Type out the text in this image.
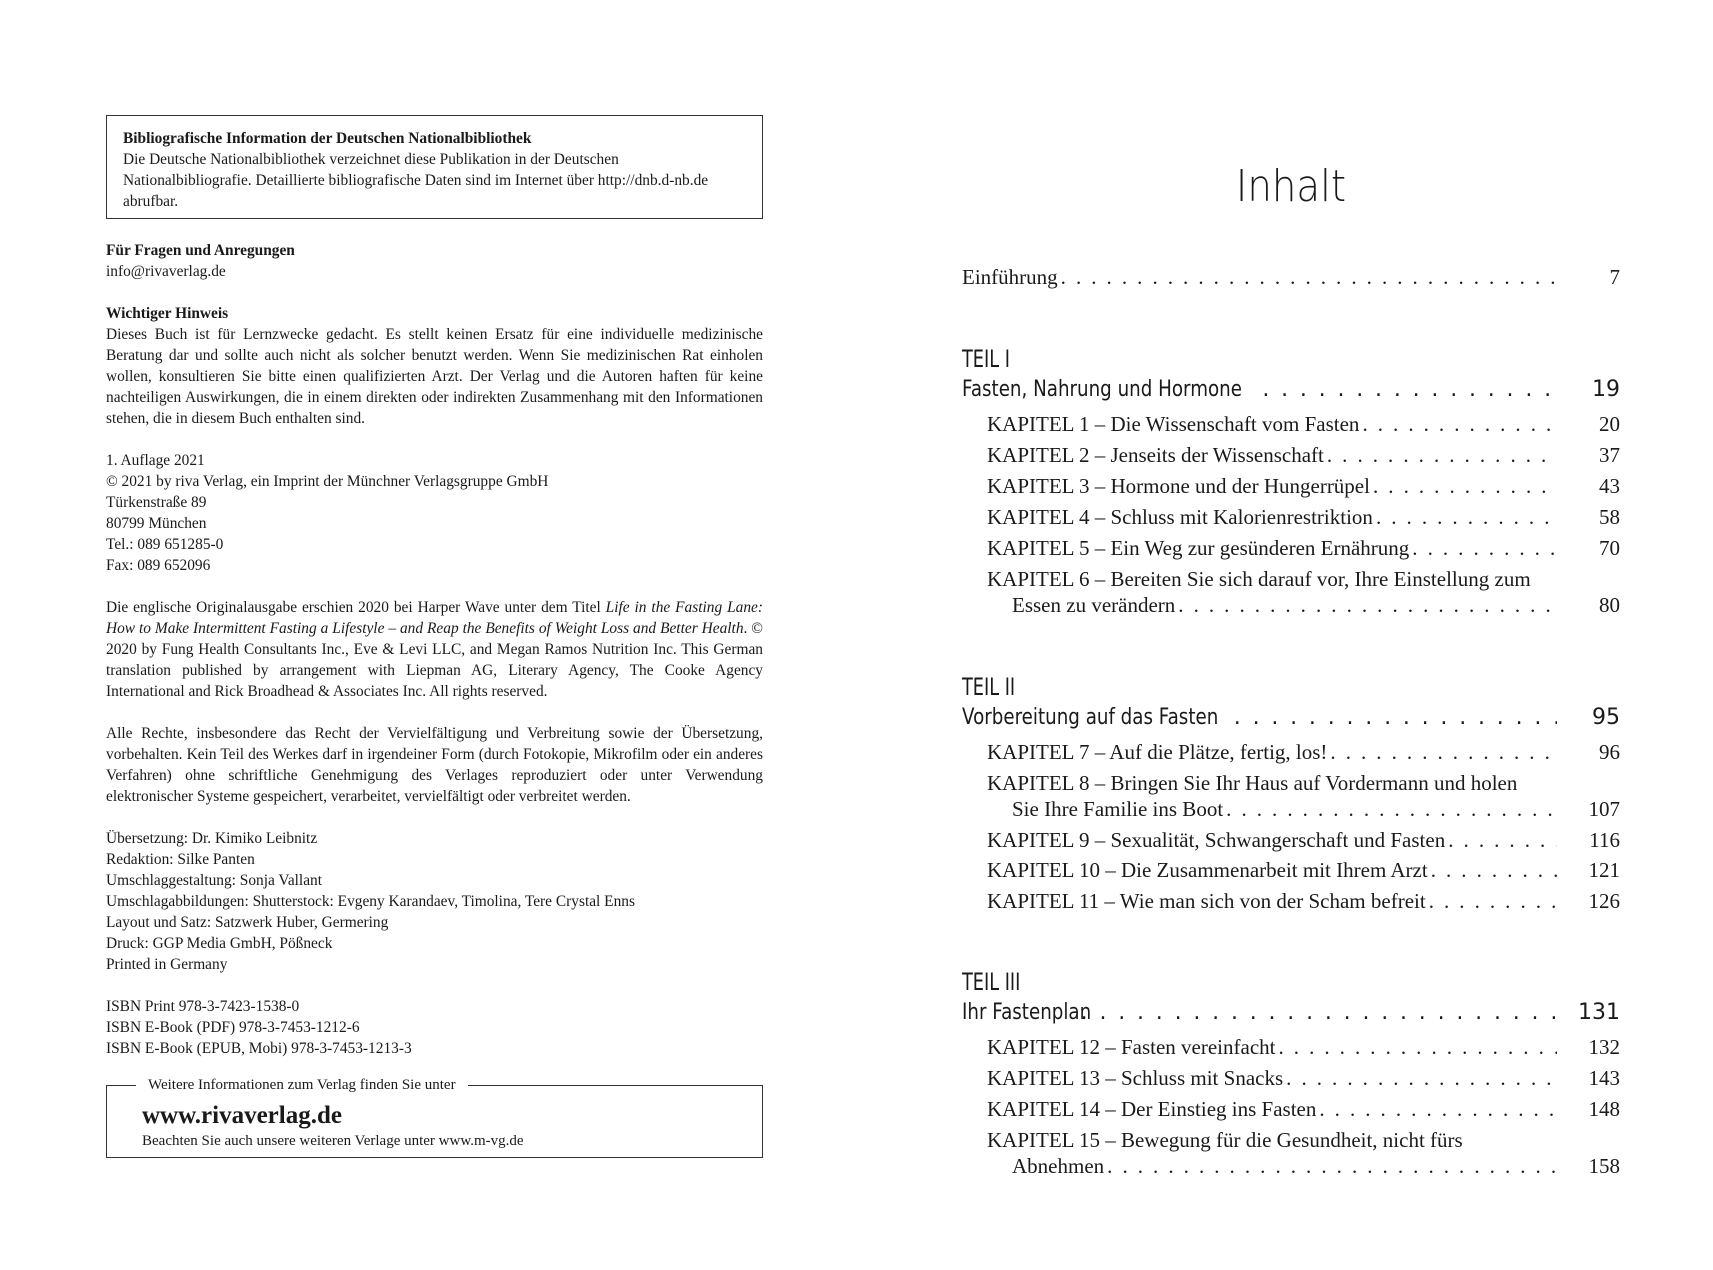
Bibliografische Information der Deutschen Nationalbibliothek
Die Deutsche Nationalbibliothek verzeichnet diese Publikation in der Deutschen Nationalbibliografie. Detaillierte bibliografische Daten sind im Internet über http://dnb.d-nb.de abrufbar.
Für Fragen und Anregungen
info@rivaverlag.de
Wichtiger Hinweis
Dieses Buch ist für Lernzwecke gedacht. Es stellt keinen Ersatz für eine individuelle medizinische Beratung dar und sollte auch nicht als solcher benutzt werden. Wenn Sie medizinischen Rat einholen wollen, konsultieren Sie bitte einen qualifizierten Arzt. Der Verlag und die Autoren haften für keine nachteiligen Auswirkungen, die in einem direkten oder indirekten Zusammenhang mit den Informationen stehen, die in diesem Buch enthalten sind.
1. Auflage 2021
© 2021 by riva Verlag, ein Imprint der Münchner Verlagsgruppe GmbH
Türkenstraße 89
80799 München
Tel.: 089 651285-0
Fax: 089 652096
Die englische Originalausgabe erschien 2020 bei Harper Wave unter dem Titel Life in the Fasting Lane: How to Make Intermittent Fasting a Lifestyle – and Reap the Benefits of Weight Loss and Better Health. © 2020 by Fung Health Consultants Inc., Eve & Levi LLC, and Megan Ramos Nutrition Inc. This German translation published by arrangement with Liepman AG, Literary Agency, The Cooke Agency International and Rick Broadhead & Associates Inc. All rights reserved.
Alle Rechte, insbesondere das Recht der Vervielfältigung und Verbreitung sowie der Übersetzung, vorbehalten. Kein Teil des Werkes darf in irgendeiner Form (durch Fotokopie, Mikrofilm oder ein anderes Verfahren) ohne schriftliche Genehmigung des Verlages reproduziert oder unter Verwendung elektronischer Systeme gespeichert, verarbeitet, vervielfältigt oder verbreitet werden.
Übersetzung: Dr. Kimiko Leibnitz
Redaktion: Silke Panten
Umschlaggestaltung: Sonja Vallant
Umschlagabbildungen: Shutterstock: Evgeny Karandaev, Timolina, Tere Crystal Enns
Layout und Satz: Satzwerk Huber, Germering
Druck: GGP Media GmbH, Pößneck
Printed in Germany
ISBN Print 978-3-7423-1538-0
ISBN E-Book (PDF) 978-3-7453-1212-6
ISBN E-Book (EPUB, Mobi) 978-3-7453-1213-3
Weitere Informationen zum Verlag finden Sie unter
www.rivaverlag.de
Beachten Sie auch unsere weiteren Verlage unter www.m-vg.de
Inhalt
Einführung . . .	7
TEIL I
Fasten, Nahrung und Hormone . . .	19
KAPITEL 1 – Die Wissenschaft vom Fasten . . .	20
KAPITEL 2 – Jenseits der Wissenschaft . . .	37
KAPITEL 3 – Hormone und der Hungerrüpel . . .	43
KAPITEL 4 – Schluss mit Kalorienrestriktion . . .	58
KAPITEL 5 – Ein Weg zur gesünderen Ernährung . . .	70
KAPITEL 6 – Bereiten Sie sich darauf vor, Ihre Einstellung zum
Essen zu verändern . . .	80
TEIL II
Vorbereitung auf das Fasten . . .	95
KAPITEL 7 – Auf die Plätze, fertig, los! . . .	96
KAPITEL 8 – Bringen Sie Ihr Haus auf Vordermann und holen
Sie Ihre Familie ins Boot . . .	107
KAPITEL 9 – Sexualität, Schwangerschaft und Fasten . . .	116
KAPITEL 10 – Die Zusammenarbeit mit Ihrem Arzt . . .	121
KAPITEL 11 – Wie man sich von der Scham befreit . . .	126
TEIL III
Ihr Fastenplan . . .	131
KAPITEL 12 – Fasten vereinfacht . . .	132
KAPITEL 13 – Schluss mit Snacks . . .	143
KAPITEL 14 – Der Einstieg ins Fasten . . .	148
KAPITEL 15 – Bewegung für die Gesundheit, nicht fürs
Abnehmen . . .	158
